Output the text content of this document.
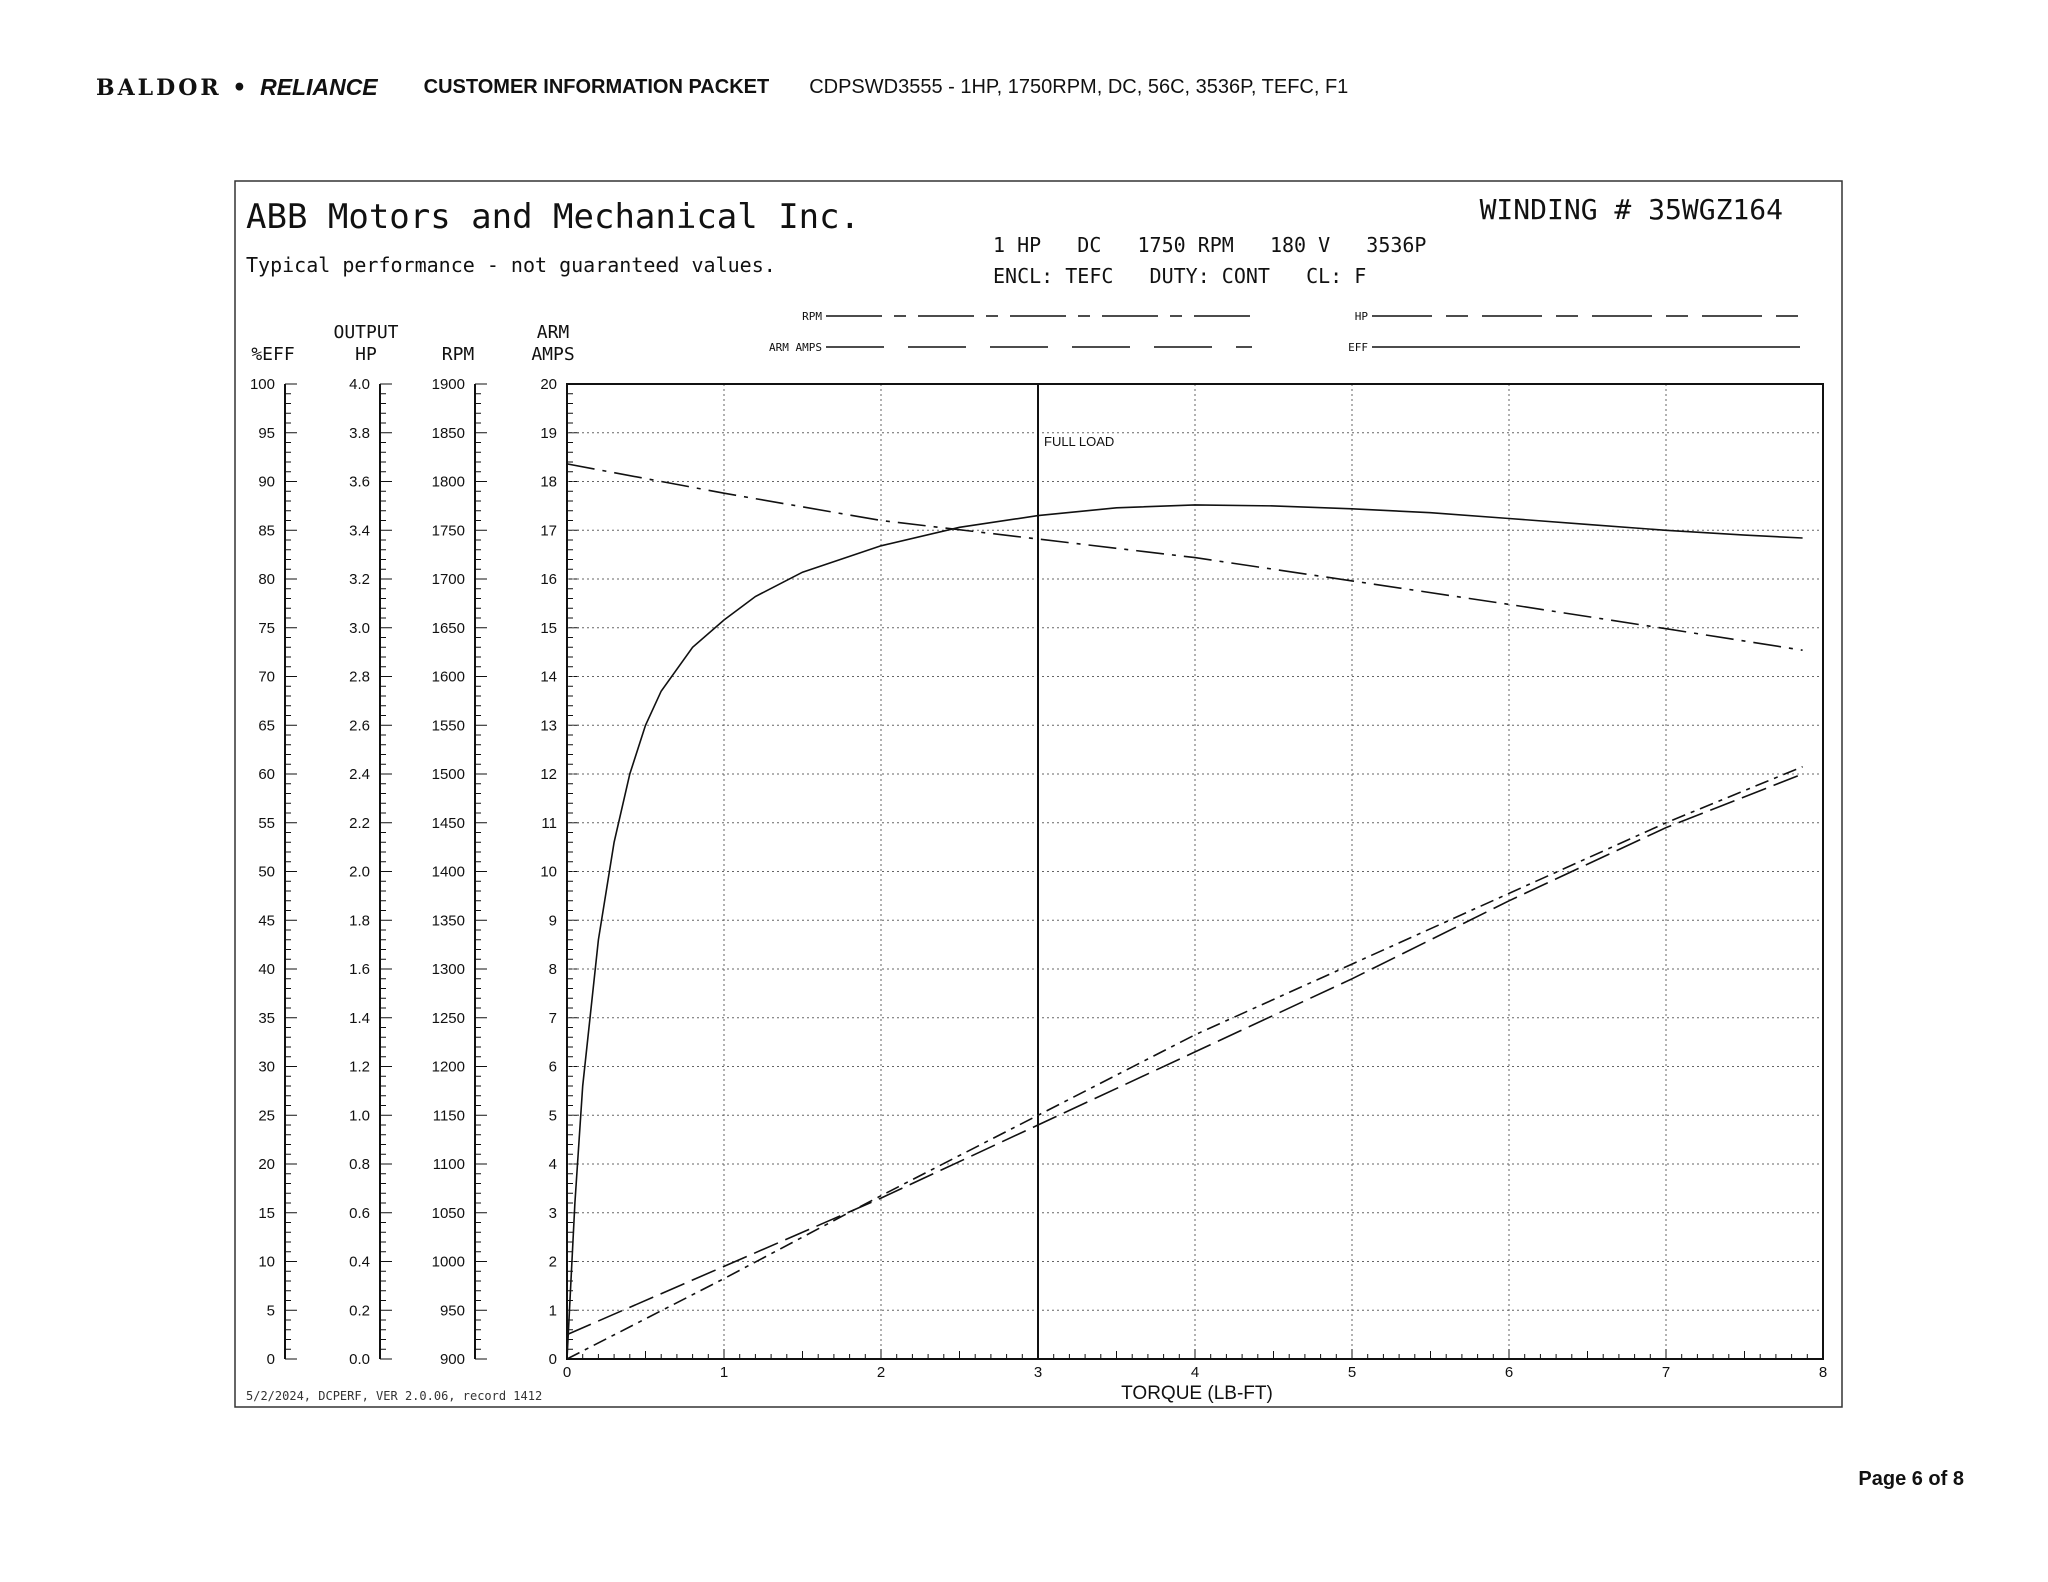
BALDOR • RELIANCE CUSTOMER INFORMATION PACKET CDPSWD3555 - 1HP, 1750RPM, DC, 56C, 3536P, TEFC, F1
ABB Motors and Mechanical Inc.
Typical performance - not guaranteed values.
WINDING # 35WGZ164
1 HP   DC   1750 RPM   180 V   3536P
ENCL: TEFC   DUTY: CONT   CL: F
RPM
ARM AMPS
HP
EFF
0
5
10
15
20
25
30
35
40
45
50
55
60
65
70
75
80
85
90
95
100
%EFF
0.0
0.2
0.4
0.6
0.8
1.0
1.2
1.4
1.6
1.8
2.0
2.2
2.4
2.6
2.8
3.0
3.2
3.4
3.6
3.8
4.0
OUTPUT
HP
900
950
1000
1050
1100
1150
1200
1250
1300
1350
1400
1450
1500
1550
1600
1650
1700
1750
1800
1850
1900
RPM
0
1
2
3
4
5
6
7
8
9
10
11
12
13
14
15
16
17
18
19
20
ARM
AMPS
0	1	2	3	4	5	6	7	8
FULL LOAD
TORQUE (LB-FT)
5/2/2024, DCPERF, VER 2.0.06, record 1412
Page 6 of 8
